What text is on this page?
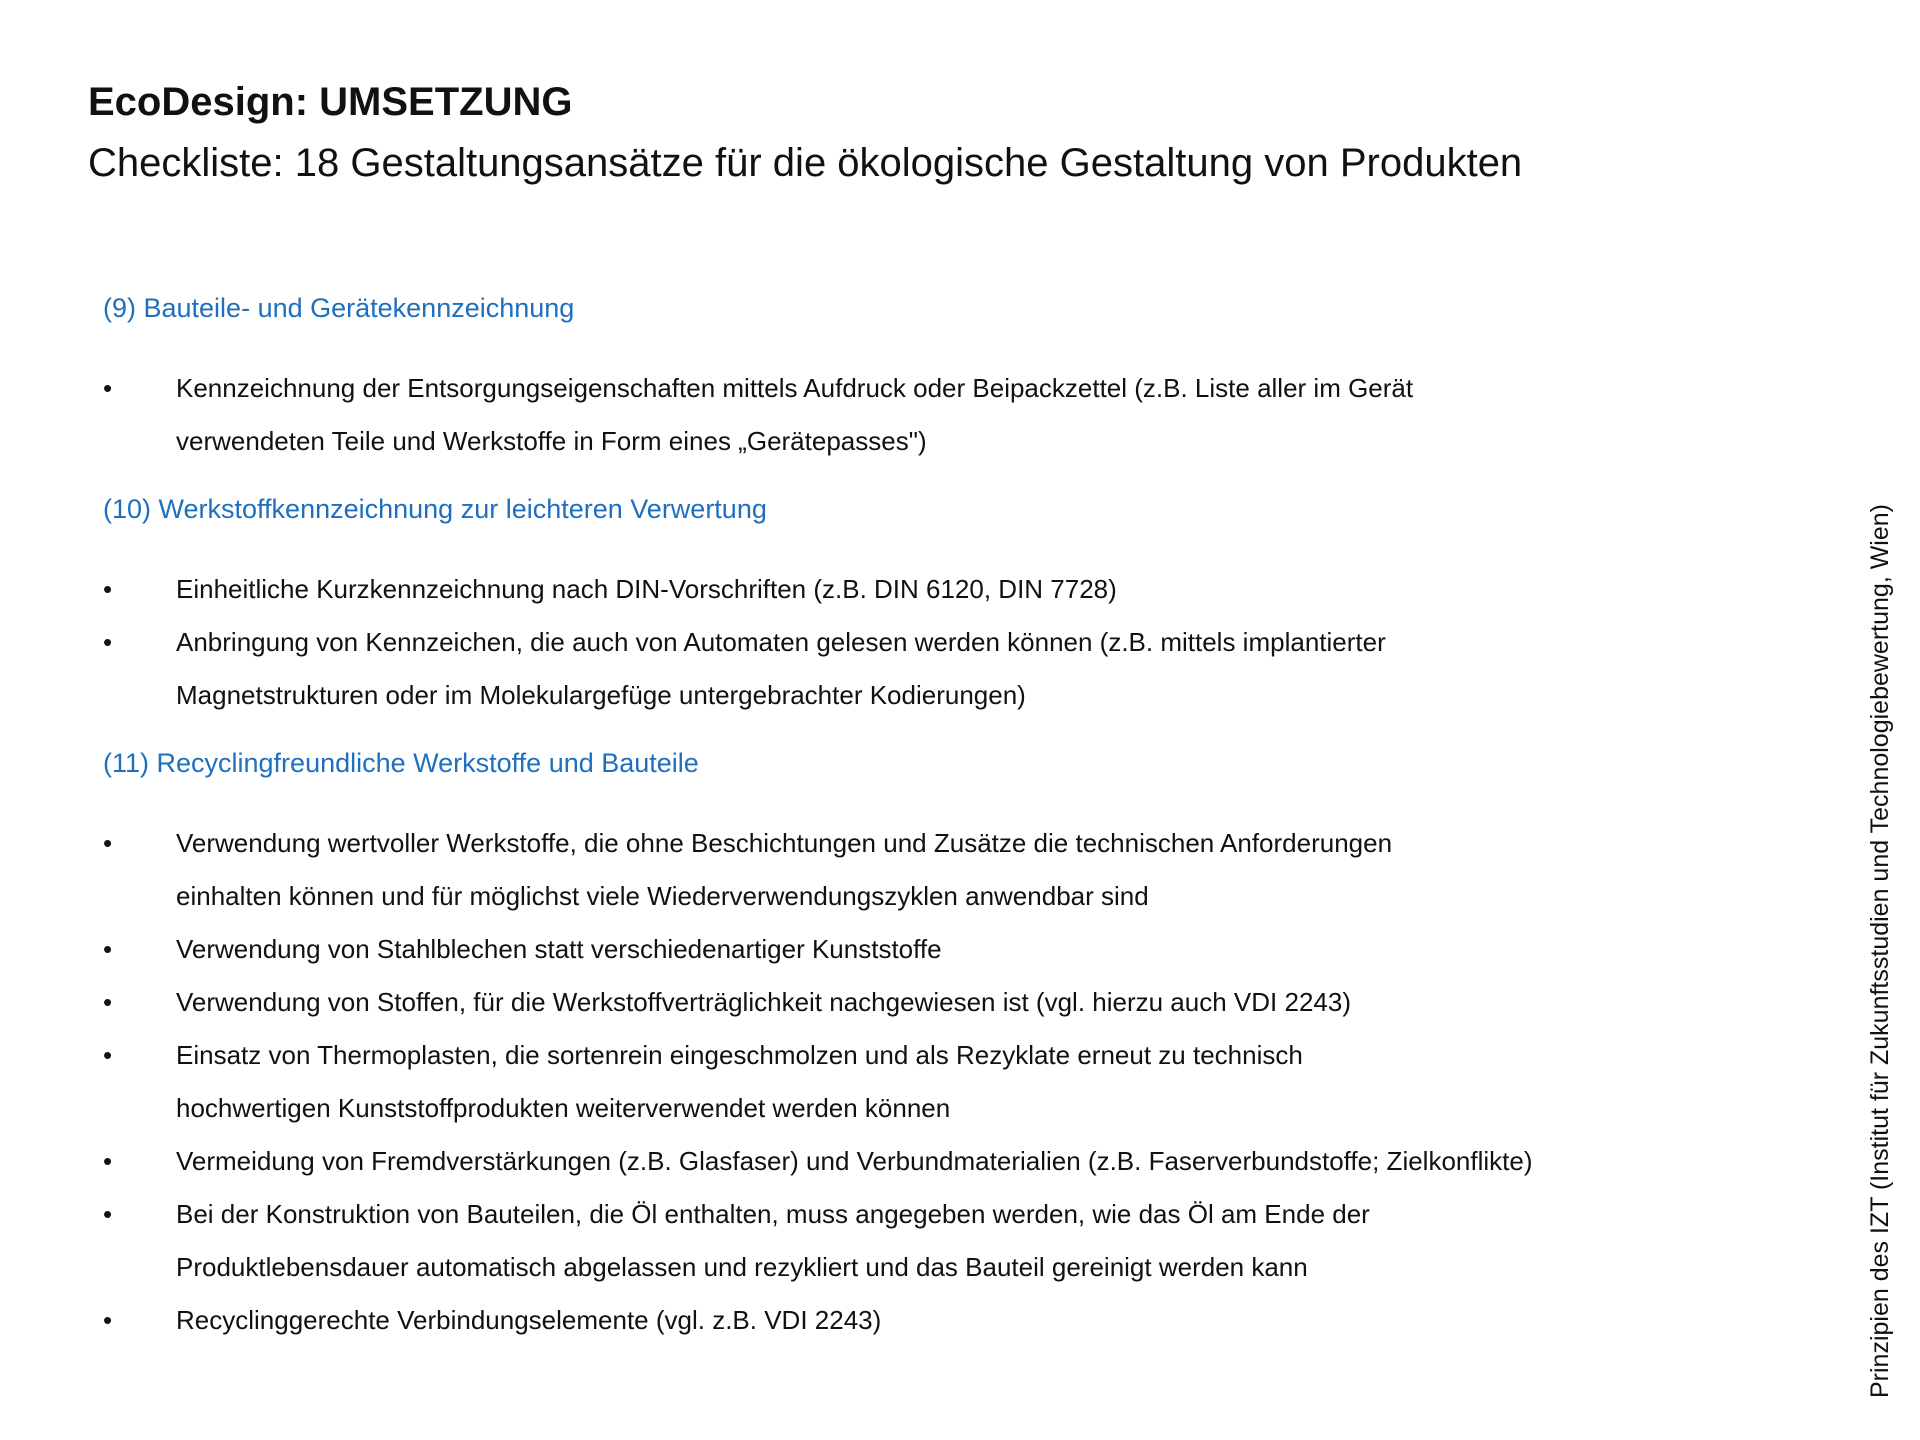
EcoDesign: UMSETZUNG
Checkliste: 18 Gestaltungsansätze für die ökologische Gestaltung von Produkten
(9) Bauteile- und Gerätekennzeichnung
•	Kennzeichnung der Entsorgungseigenschaften mittels Aufdruck oder Beipackzettel (z.B. Liste aller im Gerät
verwendeten Teile und Werkstoffe in Form eines „Gerätepasses")
(10) Werkstoffkennzeichnung zur leichteren Verwertung
•	Einheitliche Kurzkennzeichnung nach DIN-Vorschriften (z.B. DIN 6120, DIN 7728)
•	Anbringung von Kennzeichen, die auch von Automaten gelesen werden können (z.B. mittels implantierter
Magnetstrukturen oder im Molekulargefüge untergebrachter Kodierungen)
(11) Recyclingfreundliche Werkstoffe und Bauteile
•	Verwendung wertvoller Werkstoffe, die ohne Beschichtungen und Zusätze die technischen Anforderungen
einhalten können und für möglichst viele Wiederverwendungszyklen anwendbar sind
•	Verwendung von Stahlblechen statt verschiedenartiger Kunststoffe
•	Verwendung von Stoffen, für die Werkstoffverträglichkeit nachgewiesen ist (vgl. hierzu auch VDI 2243)
•	Einsatz von Thermoplasten, die sortenrein eingeschmolzen und als Rezyklate erneut zu technisch
hochwertigen Kunststoffprodukten weiterverwendet werden können
•	Vermeidung von Fremdverstärkungen (z.B. Glasfaser) und Verbundmaterialien (z.B. Faserverbundstoffe; Zielkonflikte)
•	Bei der Konstruktion von Bauteilen, die Öl enthalten, muss angegeben werden, wie das Öl am Ende der
Produktlebensdauer automatisch abgelassen und rezykliert und das Bauteil gereinigt werden kann
•	Recyclinggerechte Verbindungselemente (vgl. z.B. VDI 2243)	Prinzipien des IZT (Institut für Zukunftsstudien und Technologiebewertung, Wien)
